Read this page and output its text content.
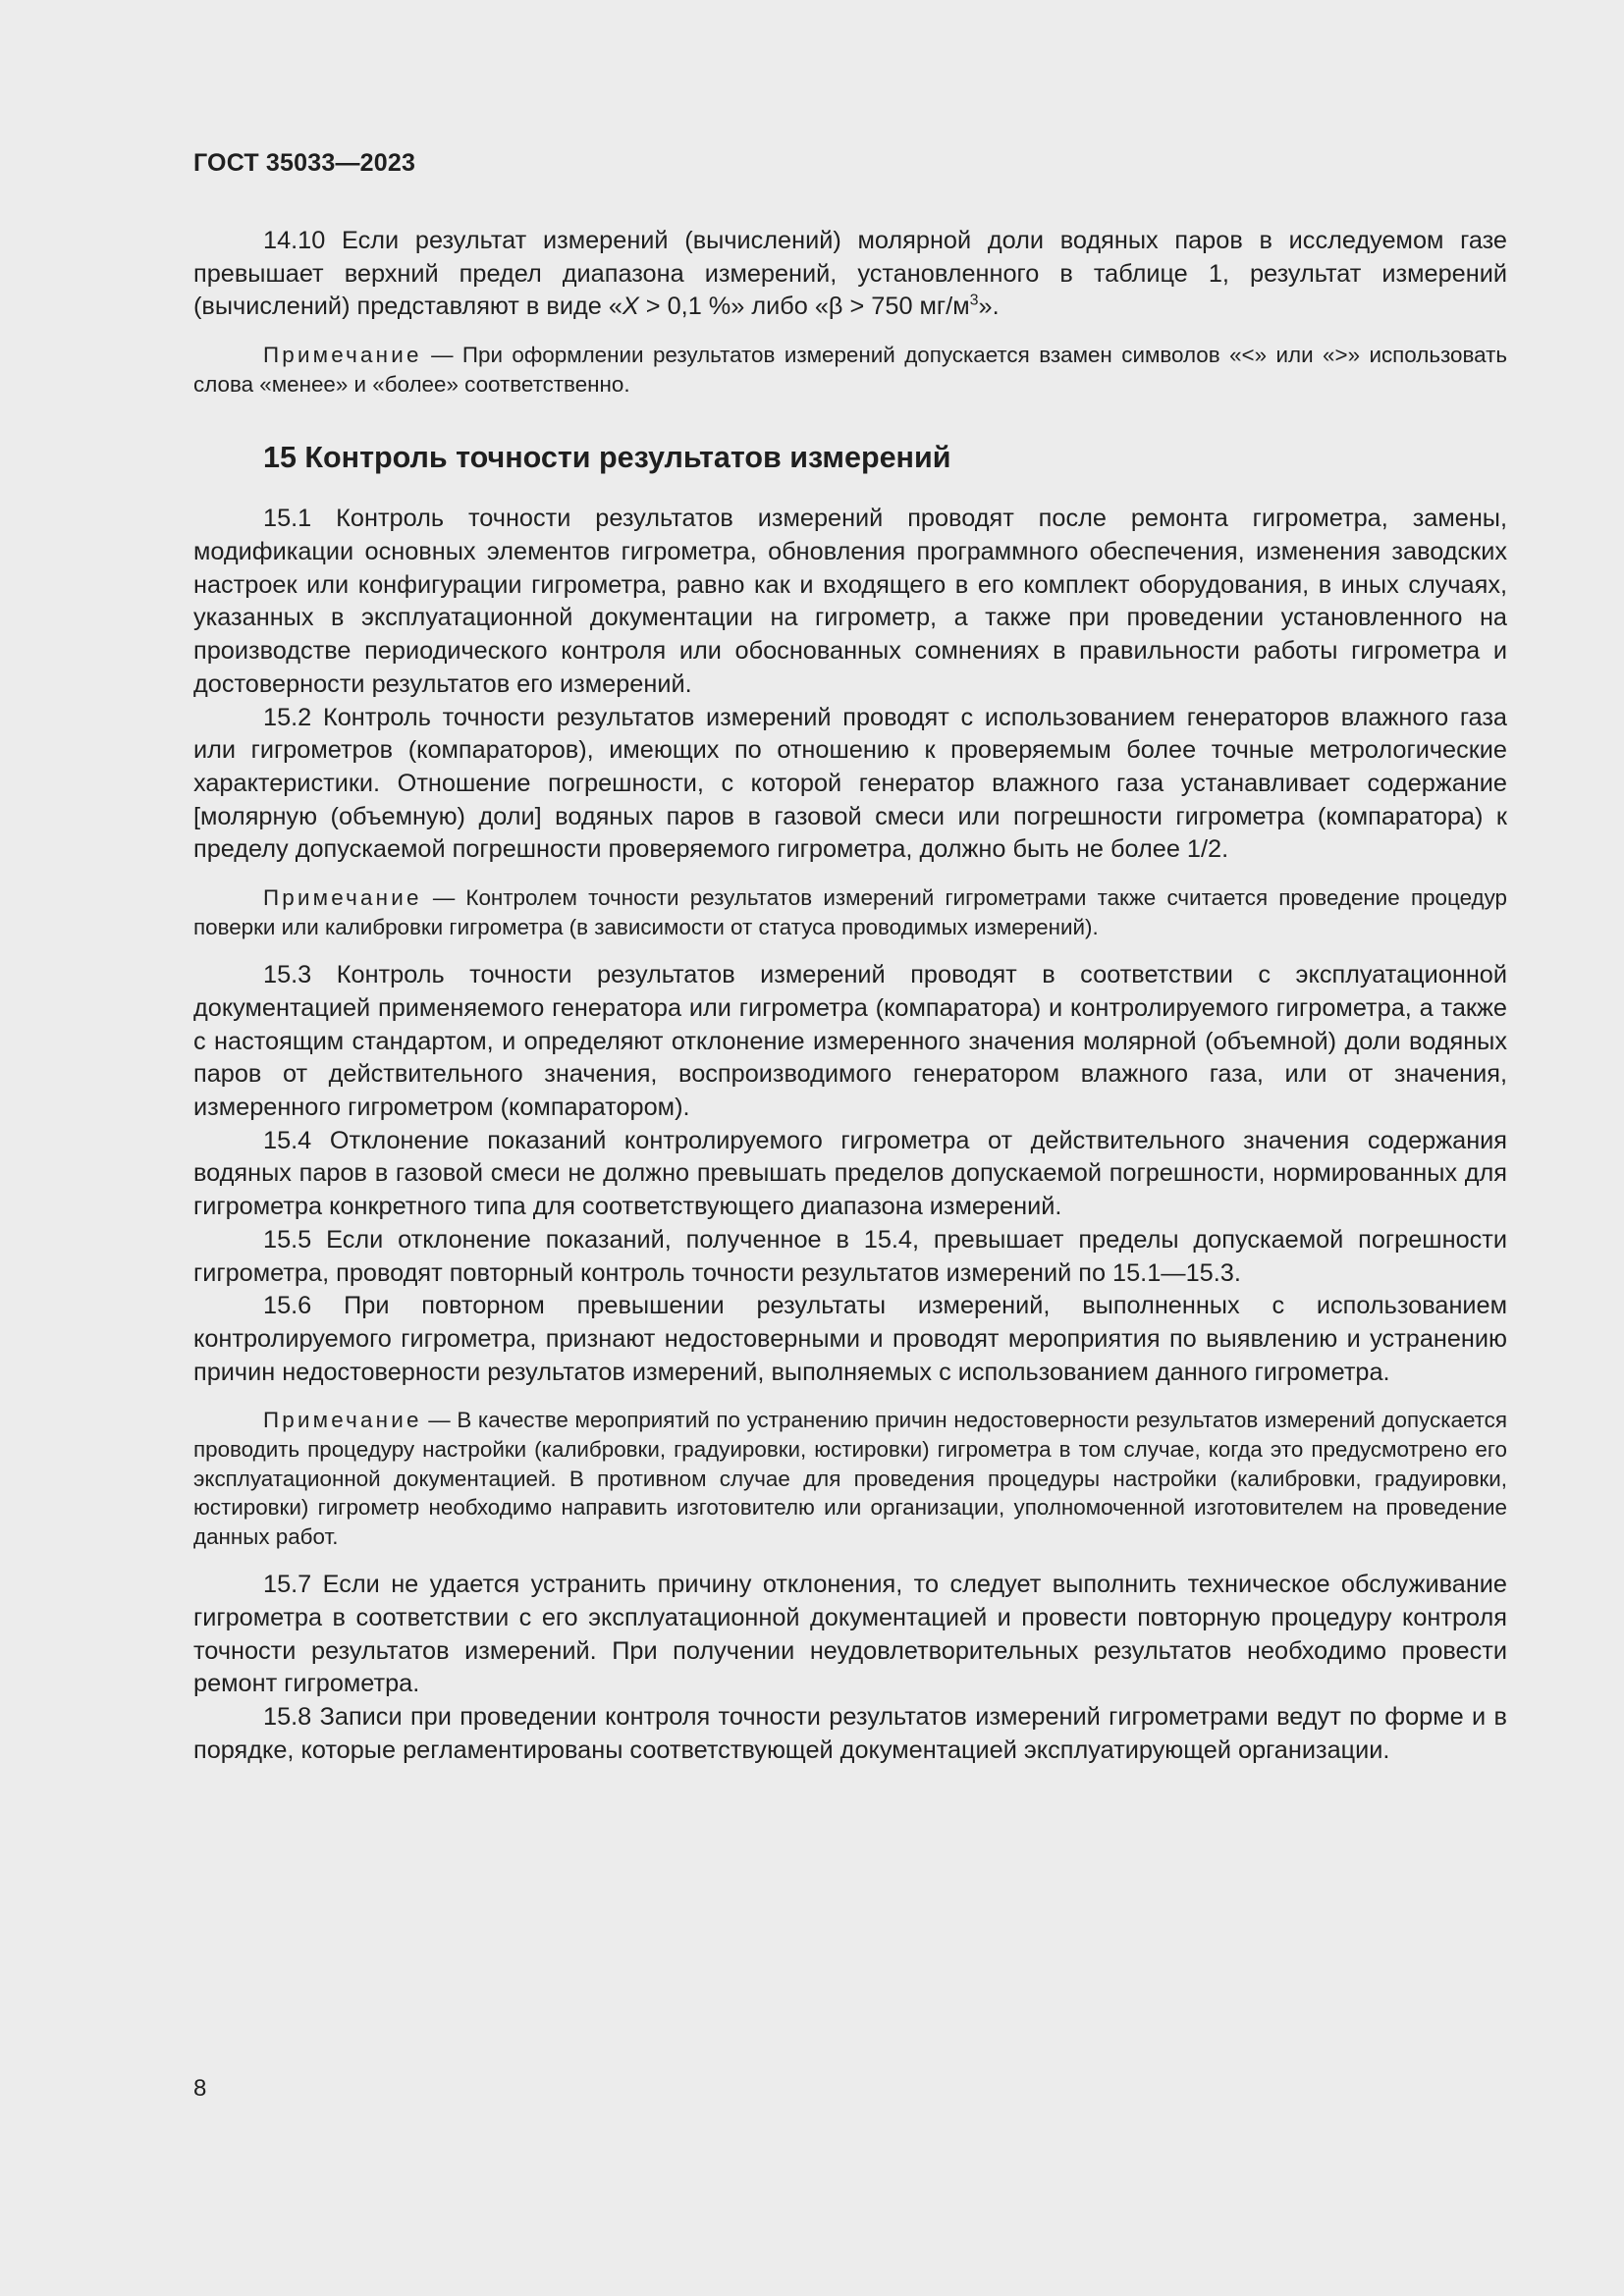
ГОСТ 35033—2023

14.10 Если результат измерений (вычислений) молярной доли водяных паров в исследуемом газе превышает верхний предел диапазона измерений, установленного в таблице 1, результат измерений (вычислений) представляют в виде «X > 0,1 %» либо «β > 750 $мг/м^3$».

Примечание — При оформлении результатов измерений допускается взамен символов «<» или «>» использовать слова «менее» и «более» соответственно.

15 Контроль точности результатов измерений

15.1 Контроль точности результатов измерений проводят после ремонта гигрометра, замены, модификации основных элементов гигрометра, обновления программного обеспечения, изменения заводских настроек или конфигурации гигрометра, равно как и входящего в его комплект оборудования, в иных случаях, указанных в эксплуатационной документации на гигрометр, а также при проведении установленного на производстве периодического контроля или обоснованных сомнениях в правильности работы гигрометра и достоверности результатов его измерений.

15.2 Контроль точности результатов измерений проводят с использованием генераторов влажного газа или гигрометров (компараторов), имеющих по отношению к проверяемым более точные метрологические характеристики. Отношение погрешности, с которой генератор влажного газа устанавливает содержание [молярную (объемную) доли] водяных паров в газовой смеси или погрешности гигрометра (компаратора) к пределу допускаемой погрешности проверяемого гигрометра, должно быть не более 1/2.

Примечание — Контролем точности результатов измерений гигрометрами также считается проведение процедур поверки или калибровки гигрометра (в зависимости от статуса проводимых измерений).

15.3 Контроль точности результатов измерений проводят в соответствии с эксплуатационной документацией применяемого генератора или гигрометра (компаратора) и контролируемого гигрометра, а также с настоящим стандартом, и определяют отклонение измеренного значения молярной (объемной) доли водяных паров от действительного значения, воспроизводимого генератором влажного газа, или от значения, измеренного гигрометром (компаратором).

15.4 Отклонение показаний контролируемого гигрометра от действительного значения содержания водяных паров в газовой смеси не должно превышать пределов допускаемой погрешности, нормированных для гигрометра конкретного типа для соответствующего диапазона измерений.

15.5 Если отклонение показаний, полученное в 15.4, превышает пределы допускаемой погрешности гигрометра, проводят повторный контроль точности результатов измерений по 15.1—15.3.

15.6 При повторном превышении результаты измерений, выполненных с использованием контролируемого гигрометра, признают недостоверными и проводят мероприятия по выявлению и устранению причин недостоверности результатов измерений, выполняемых с использованием данного гигрометра.

Примечание — В качестве мероприятий по устранению причин недостоверности результатов измерений допускается проводить процедуру настройки (калибровки, градуировки, юстировки) гигрометра в том случае, когда это предусмотрено его эксплуатационной документацией. В противном случае для проведения процедуры настройки (калибровки, градуировки, юстировки) гигрометр необходимо направить изготовителю или организации, уполномоченной изготовителем на проведение данных работ.

15.7 Если не удается устранить причину отклонения, то следует выполнить техническое обслуживание гигрометра в соответствии с его эксплуатационной документацией и провести повторную процедуру контроля точности результатов измерений. При получении неудовлетворительных результатов необходимо провести ремонт гигрометра.

15.8 Записи при проведении контроля точности результатов измерений гигрометрами ведут по форме и в порядке, которые регламентированы соответствующей документацией эксплуатирующей организации.

8
